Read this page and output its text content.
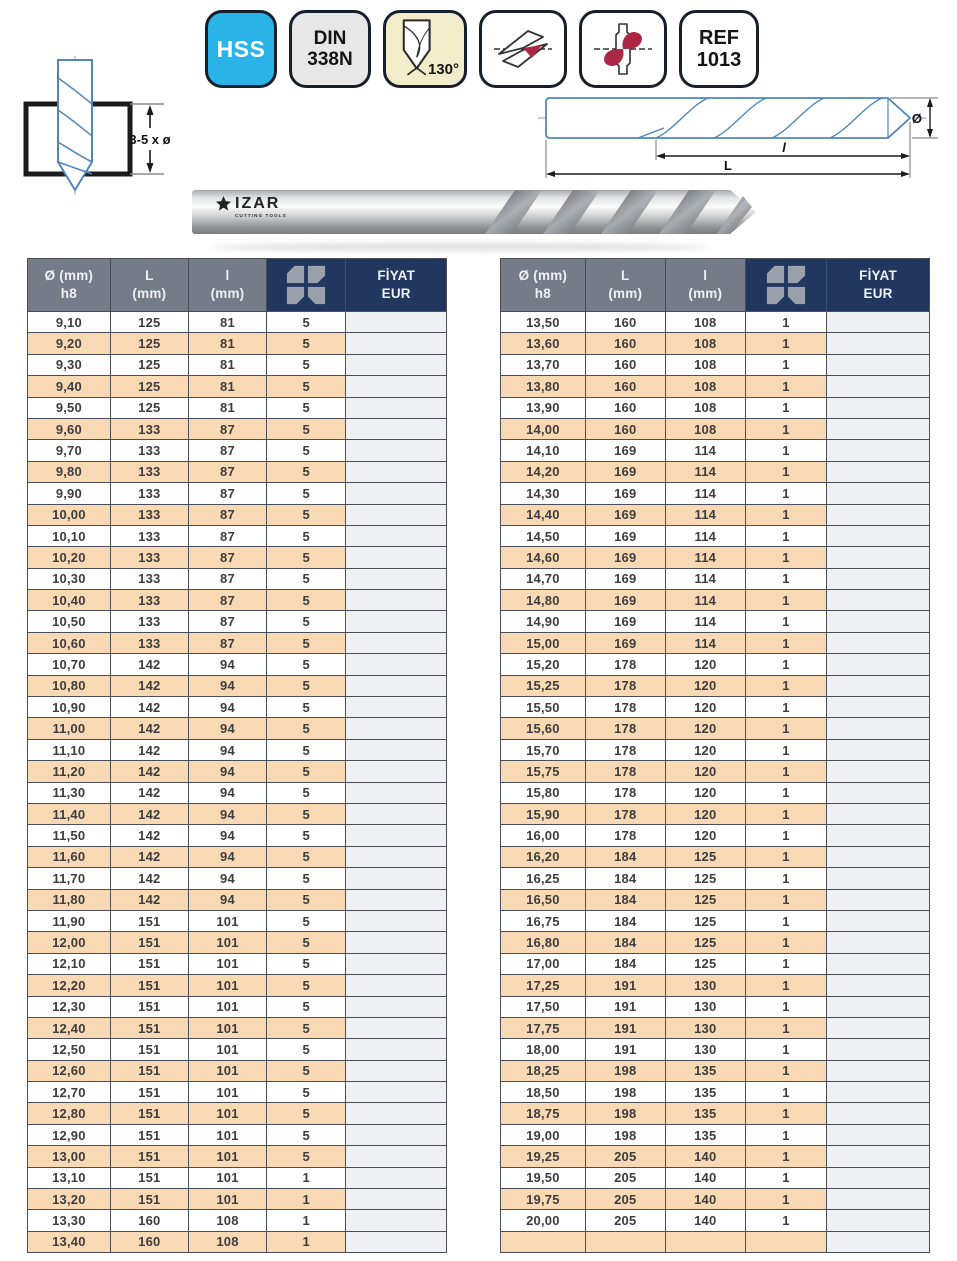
3-5 x ø
HSS	DIN
338N	130°
REF
1013
Ø
l
L
IZAR
CUTTING TOOLS
Ø (mm)
h8
L
(mm)
l
(mm)
FİYAT
EUR
9,10	125	81	5
9,20	125	81	5
9,30	125	81	5
9,40	125	81	5
9,50	125	81	5
9,60	133	87	5
9,70	133	87	5
9,80	133	87	5
9,90	133	87	5
10,00	133	87	5
10,10	133	87	5
10,20	133	87	5
10,30	133	87	5
10,40	133	87	5
10,50	133	87	5
10,60	133	87	5
10,70	142	94	5
10,80	142	94	5
10,90	142	94	5
11,00	142	94	5
11,10	142	94	5
11,20	142	94	5
11,30	142	94	5
11,40	142	94	5
11,50	142	94	5
11,60	142	94	5
11,70	142	94	5
11,80	142	94	5
11,90	151	101	5
12,00	151	101	5
12,10	151	101	5
12,20	151	101	5
12,30	151	101	5
12,40	151	101	5
12,50	151	101	5
12,60	151	101	5
12,70	151	101	5
12,80	151	101	5
12,90	151	101	5
13,00	151	101	5
13,10	151	101	1
13,20	151	101	1
13,30	160	108	1
13,40	160	108	1
Ø (mm)
h8
L
(mm)
l
(mm)
FİYAT
EUR
13,50	160	108	1
13,60	160	108	1
13,70	160	108	1
13,80	160	108	1
13,90	160	108	1
14,00	160	108	1
14,10	169	114	1
14,20	169	114	1
14,30	169	114	1
14,40	169	114	1
14,50	169	114	1
14,60	169	114	1
14,70	169	114	1
14,80	169	114	1
14,90	169	114	1
15,00	169	114	1
15,20	178	120	1
15,25	178	120	1
15,50	178	120	1
15,60	178	120	1
15,70	178	120	1
15,75	178	120	1
15,80	178	120	1
15,90	178	120	1
16,00	178	120	1
16,20	184	125	1
16,25	184	125	1
16,50	184	125	1
16,75	184	125	1
16,80	184	125	1
17,00	184	125	1
17,25	191	130	1
17,50	191	130	1
17,75	191	130	1
18,00	191	130	1
18,25	198	135	1
18,50	198	135	1
18,75	198	135	1
19,00	198	135	1
19,25	205	140	1
19,50	205	140	1
19,75	205	140	1
20,00	205	140	1
